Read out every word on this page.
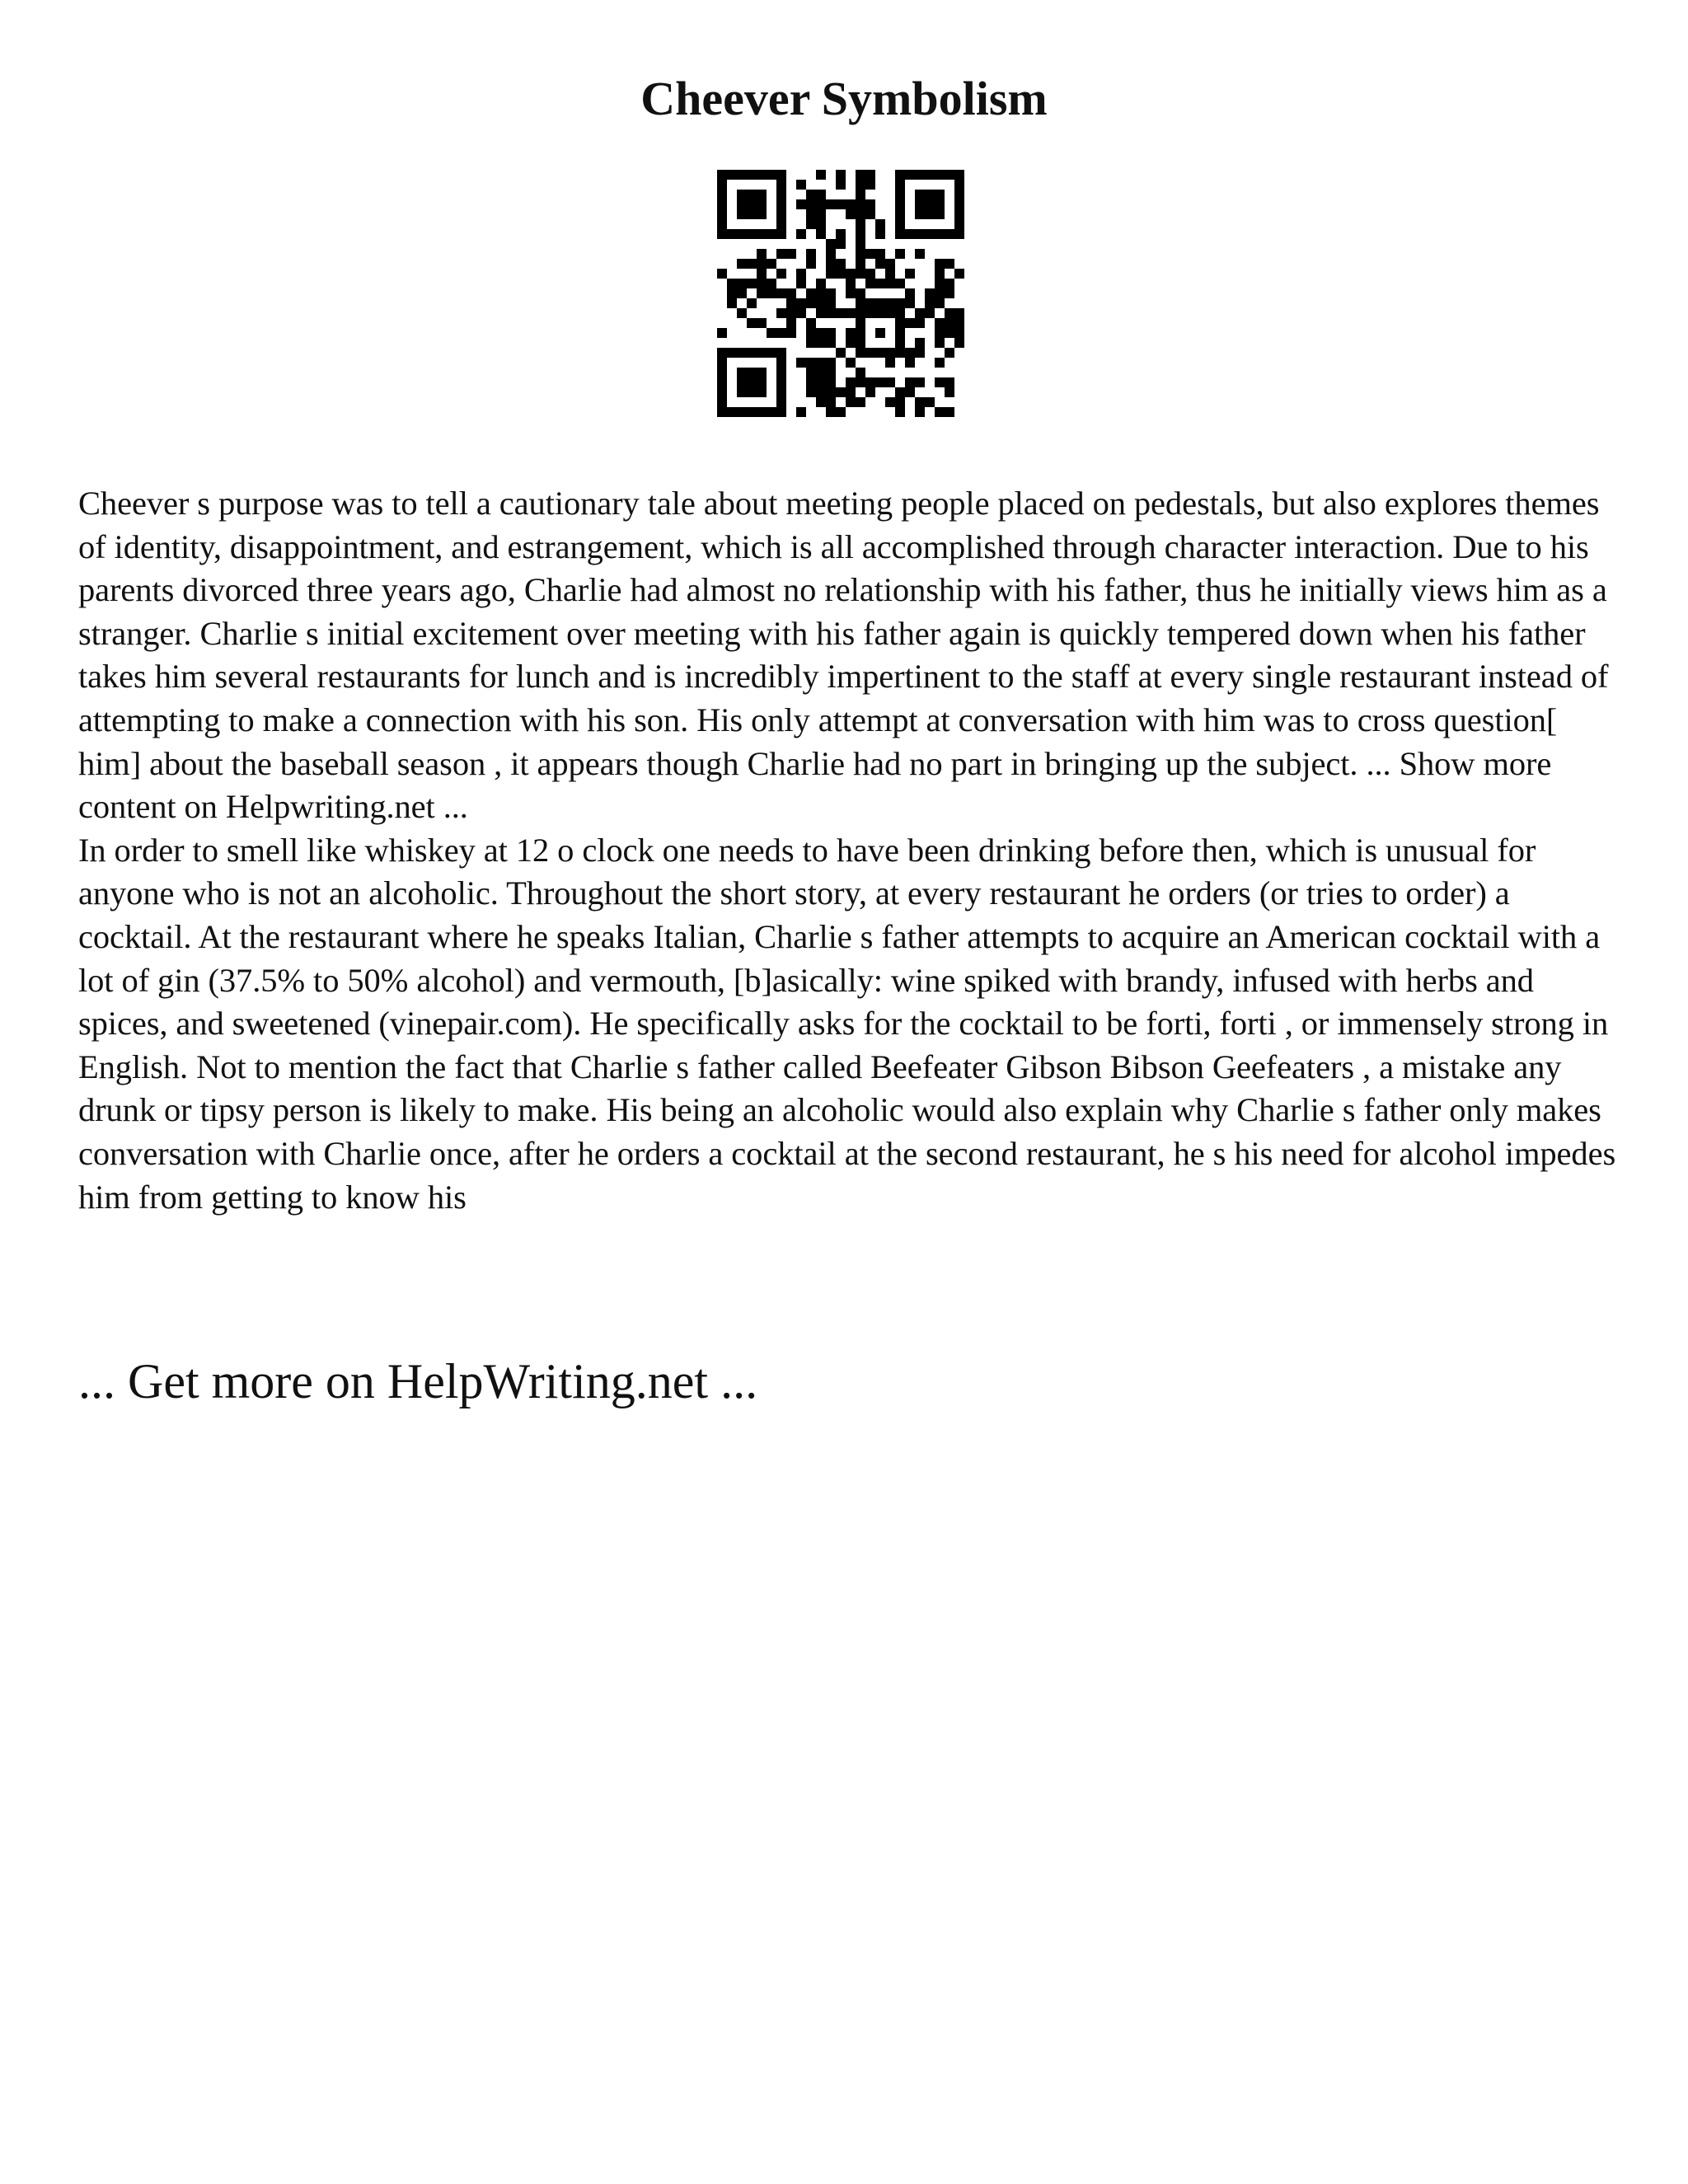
Cheever Symbolism

Cheever s purpose was to tell a cautionary tale about meeting people placed on pedestals, but also explores themes of identity, disappointment, and estrangement, which is all accomplished through character interaction. Due to his parents divorced three years ago, Charlie had almost no relationship with his father, thus he initially views him as a stranger. Charlie s initial excitement over meeting with his father again is quickly tempered down when his father takes him several restaurants for lunch and is incredibly impertinent to the staff at every single restaurant instead of attempting to make a connection with his son. His only attempt at conversation with him was to cross question[ him] about the baseball season , it appears though Charlie had no part in bringing up the subject. ... Show more content on Helpwriting.net ...

In order to smell like whiskey at 12 o clock one needs to have been drinking before then, which is unusual for anyone who is not an alcoholic. Throughout the short story, at every restaurant he orders (or tries to order) a cocktail. At the restaurant where he speaks Italian, Charlie s father attempts to acquire an American cocktail with a lot of gin (37.5% to 50% alcohol) and vermouth, [b]asically: wine spiked with brandy, infused with herbs and spices, and sweetened (vinepair.com). He specifically asks for the cocktail to be forti, forti , or immensely strong in English. Not to mention the fact that Charlie s father called Beefeater Gibson Bibson Geefeaters , a mistake any drunk or tipsy person is likely to make. His being an alcoholic would also explain why Charlie s father only makes conversation with Charlie once, after he orders a cocktail at the second restaurant, he s his need for alcohol impedes him from getting to know his

... Get more on HelpWriting.net ...
